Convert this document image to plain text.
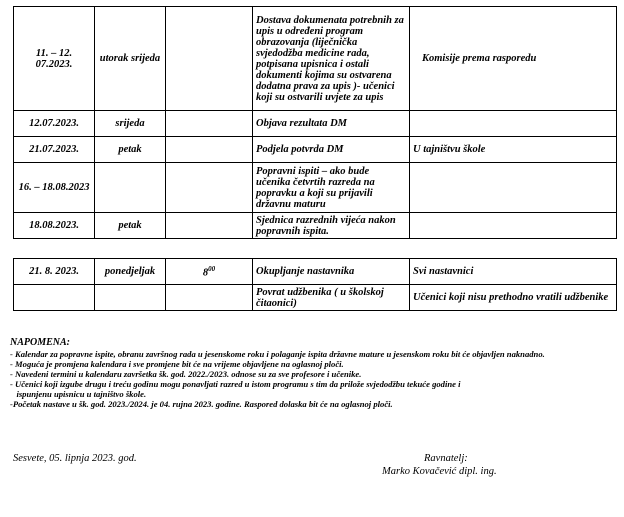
11. – 12. 07.2023.	utorak srijeda		Dostava dokumenata potrebnih za upis u određeni program obrazovanja (liječnička svjedodžba medicine rada, potpisana upisnica i ostali dokumenti kojima su ostvarena dodatna prava za upis )- učenici koji su ostvarili uvjete za upis	Komisije prema rasporedu
12.07.2023.	srijeda		Objava rezultata DM	
21.07.2023.	petak		Podjela potvrda DM	U tajništvu škole
16. – 18.08.2023			Popravni ispiti – ako bude učenika četvrtih razreda na popravku a koji su prijavili državnu maturu	
18.08.2023.	petak		Sjednica razrednih vijeća nakon popravnih ispita.	
21. 8. 2023.	ponedjeljak	$8^{00}$	Okupljanje nastavnika	Svi nastavnici
			Povrat udžbenika ( u školskoj čitaonici)	Učenici koji nisu prethodno vratili udžbenike
NAPOMENA:
- Kalendar za popravne ispite, obranu završnog rada u jesenskome roku i polaganje ispita državne mature u jesenskom roku bit će objavljen naknadno.
- Moguća je promjena kalendara i sve promjene bit će na vrijeme objavljene na oglasnoj ploči.
- Navedeni termini u kalendaru završetka šk. god. 2022./2023. odnose su za sve profesore i učenike.
- Učenici koji izgube drugu i treću godinu mogu ponavljati razred u istom programu s tim da prilože svjedodžbu tekuće godine i
ispunjenu upisnicu u tajništvo škole.
-Početak nastave u šk. god. 2023./2024. je 04. rujna 2023. godine. Raspored dolaska bit će na oglasnoj ploči.
Sesvete, 05. lipnja 2023. god.	Ravnatelj:
Marko Kovačević dipl. ing.
